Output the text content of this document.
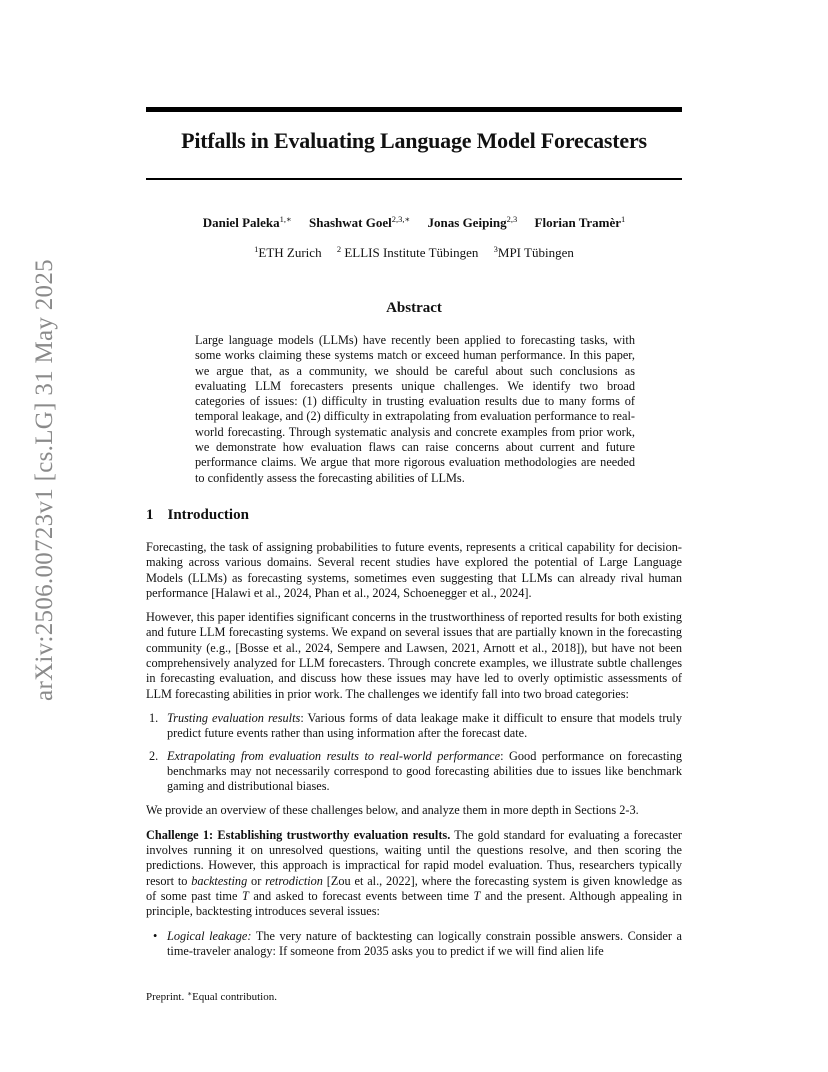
Pitfalls in Evaluating Language Model Forecasters
Daniel Paleka$^{1,∗}$ Shashwat Goel$^{2,3,∗}$ Jonas Geiping$^{2,3}$ Florian Tramèr$^1$
$^1$ETH Zurich $^2$ ELLIS Institute Tübingen $^3$MPI Tübingen
arXiv:2506.00723v1 [cs.LG] 31 May 2025	Abstract

Large language models (LLMs) have recently been applied to forecasting tasks, with some works claiming these systems match or exceed human performance. In this paper, we argue that, as a community, we should be careful about such conclusions as evaluating LLM forecasters presents unique challenges. We identify two broad categories of issues: (1) difficulty in trusting evaluation results due to many forms of temporal leakage, and (2) difficulty in extrapolating from evaluation performance to real-world forecasting. Through systematic analysis and concrete examples from prior work, we demonstrate how evaluation flaws can raise concerns about current and future performance claims. We argue that more rigorous evaluation methodologies are needed to confidently assess the forecasting abilities of LLMs.

1 Introduction

Forecasting, the task of assigning probabilities to future events, represents a critical capability for decision-making across various domains. Several recent studies have explored the potential of Large Language Models (LLMs) as forecasting systems, sometimes even suggesting that LLMs can already rival human performance [Halawi et al., 2024, Phan et al., 2024, Schoenegger et al., 2024].

However, this paper identifies significant concerns in the trustworthiness of reported results for both existing and future LLM forecasting systems. We expand on several issues that are partially known in the forecasting community (e.g., [Bosse et al., 2024, Sempere and Lawsen, 2021, Arnott et al., 2018]), but have not been comprehensively analyzed for LLM forecasters. Through concrete examples, we illustrate subtle challenges in forecasting evaluation, and discuss how these issues may have led to overly optimistic assessments of LLM forecasting abilities in prior work. The challenges we identify fall into two broad categories:

1. Trusting evaluation results: Various forms of data leakage make it difficult to ensure that models truly predict future events rather than using information after the forecast date.
2. Extrapolating from evaluation results to real-world performance: Good performance on forecasting benchmarks may not necessarily correspond to good forecasting abilities due to issues like benchmark gaming and distributional biases.

We provide an overview of these challenges below, and analyze them in more depth in Sections 2-3.

Challenge 1: Establishing trustworthy evaluation results. The gold standard for evaluating a forecaster involves running it on unresolved questions, waiting until the questions resolve, and then scoring the predictions. However, this approach is impractical for rapid model evaluation. Thus, researchers typically resort to backtesting or retrodiction [Zou et al., 2022], where the forecasting system is given knowledge as of some past time T and asked to forecast events between time T and the present. Although appealing in principle, backtesting introduces several issues:

• Logical leakage: The very nature of backtesting can logically constrain possible answers. Consider a time-traveler analogy: If someone from 2035 asks you to predict if we will find alien life
Preprint. ∗Equal contribution.
